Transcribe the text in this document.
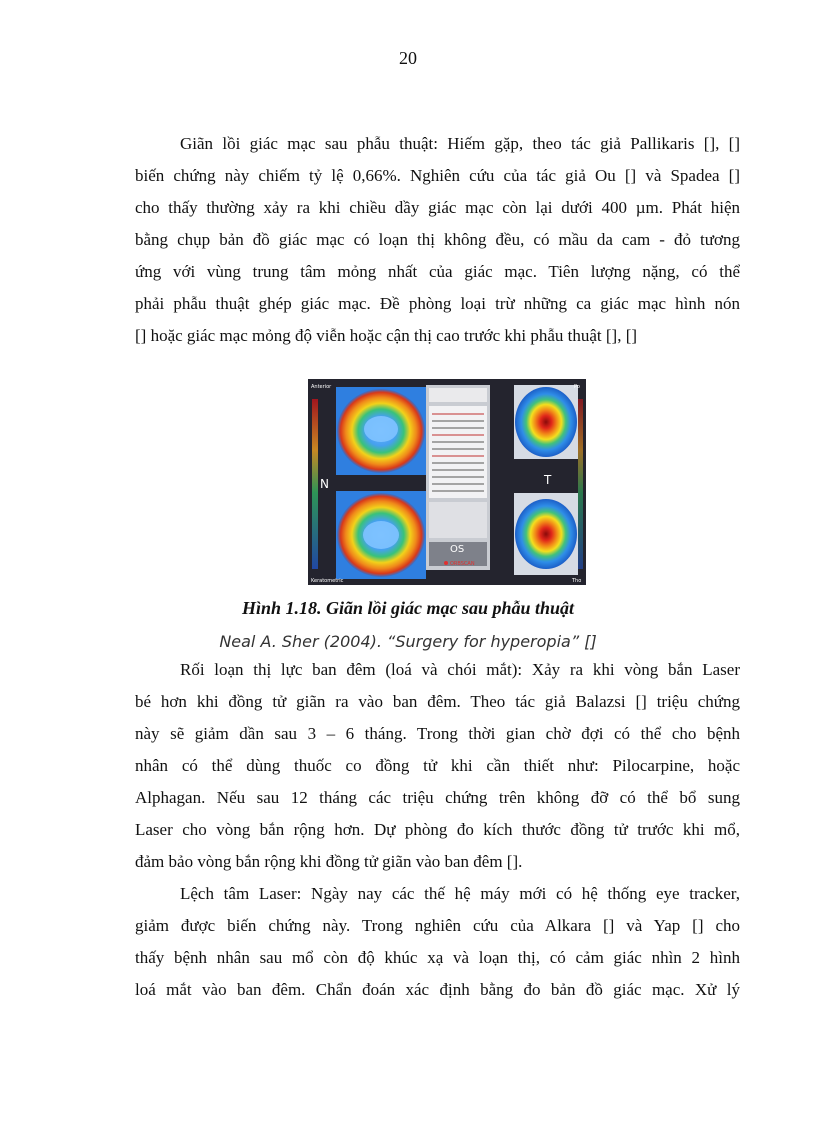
20
Giãn lồi giác mạc sau phẫu thuật: Hiếm gặp, theo tác giả Pallikaris [], []
biến chứng này chiếm tỷ lệ 0,66%. Nghiên cứu của tác giả Ou [] và Spadea []
cho thấy thường xảy ra khi chiều dầy giác mạc còn lại dưới 400 µm. Phát hiện
bằng chụp bản đồ giác mạc có loạn thị không đều, có mầu da cam - đỏ tương
ứng với vùng trung tâm mỏng nhất của giác mạc. Tiên lượng nặng, có thể
phải phẫu thuật ghép giác mạc. Đề phòng loại trừ những ca giác mạc hình nón
[] hoặc giác mạc mỏng độ viễn hoặc cận thị cao trước khi phẫu thuật [], []
Anterior	Po
N	T
OS
ORBSCAN
Keratometric	Tho
Hình 1.18. Giãn lồi giác mạc sau phẫu thuật
Neal A. Sher (2004). “Surgery for hyperopia” []
Rối loạn thị lực ban đêm (loá và chói mắt): Xảy ra khi vòng bắn Laser
bé hơn khi đồng tử giãn ra vào ban đêm. Theo tác giả Balazsi [] triệu chứng
này sẽ giảm dần sau 3 – 6 tháng. Trong thời gian chờ đợi có thể cho bệnh
nhân có thể dùng thuốc co đồng tử khi cần thiết như: Pilocarpine, hoặc
Alphagan. Nếu sau 12 tháng các triệu chứng trên không đỡ có thể bổ sung
Laser cho vòng bắn rộng hơn. Dự phòng đo kích thước đồng tử trước khi mổ,
đảm bảo vòng bắn rộng khi đồng tử giãn vào ban đêm [].
Lệch tâm Laser: Ngày nay các thế hệ máy mới có hệ thống eye tracker,
giảm được biến chứng này. Trong nghiên cứu của Alkara [] và Yap [] cho
thấy bệnh nhân sau mổ còn độ khúc xạ và loạn thị, có cảm giác nhìn 2 hình
loá mắt vào ban đêm. Chẩn đoán xác định bằng đo bản đồ giác mạc. Xử lý
